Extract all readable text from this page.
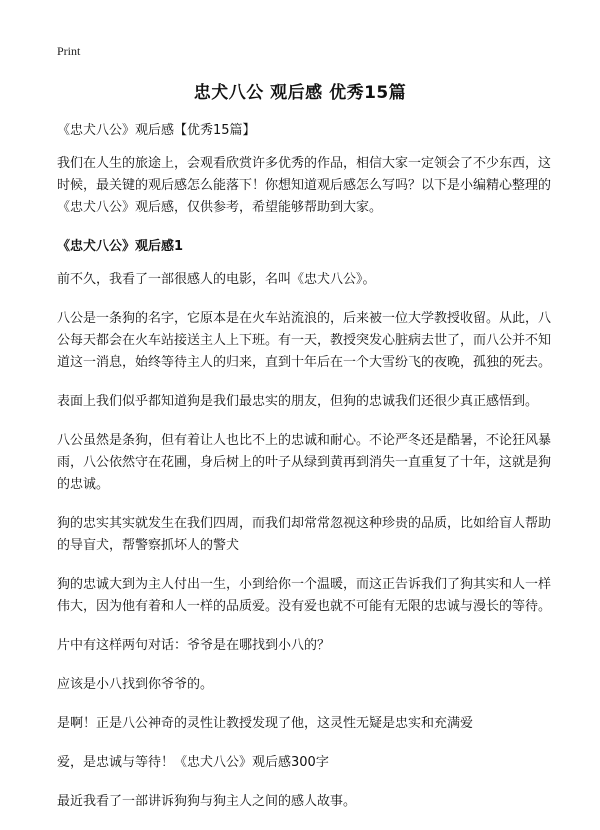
Print
忠犬八公 观后感 优秀15篇

《忠犬八公》观后感【优秀15篇】

我们在人生的旅途上，会观看欣赏许多优秀的作品，相信大家一定领会了不少东西，这时候，最关键的观后感怎么能落下！你想知道观后感怎么写吗？以下是小编精心整理的《忠犬八公》观后感，仅供参考，希望能够帮助到大家。

《忠犬八公》观后感1

前不久，我看了一部很感人的电影，名叫《忠犬八公》。

八公是一条狗的名字，它原本是在火车站流浪的，后来被一位大学教授收留。从此，八公每天都会在火车站接送主人上下班。有一天，教授突发心脏病去世了，而八公并不知道这一消息，始终等待主人的归来，直到十年后在一个大雪纷飞的夜晚，孤独的死去。

表面上我们似乎都知道狗是我们最忠实的朋友，但狗的忠诚我们还很少真正感悟到。

八公虽然是条狗，但有着让人也比不上的忠诚和耐心。不论严冬还是酷暑，不论狂风暴雨，八公依然守在花圃，身后树上的叶子从绿到黄再到消失一直重复了十年，这就是狗的忠诚。

狗的忠实其实就发生在我们四周，而我们却常常忽视这种珍贵的品质，比如给盲人帮助的导盲犬，帮警察抓坏人的警犬

狗的忠诚大到为主人付出一生，小到给你一个温暖，而这正告诉我们了狗其实和人一样伟大，因为他有着和人一样的品质爱。没有爱也就不可能有无限的忠诚与漫长的等待。

片中有这样两句对话：爷爷是在哪找到小八的？

应该是小八找到你爷爷的。

是啊！正是八公神奇的灵性让教授发现了他，这灵性无疑是忠实和充满爱

爱，是忠诚与等待！《忠犬八公》观后感300字

最近我看了一部讲诉狗狗与狗主人之间的感人故事。
